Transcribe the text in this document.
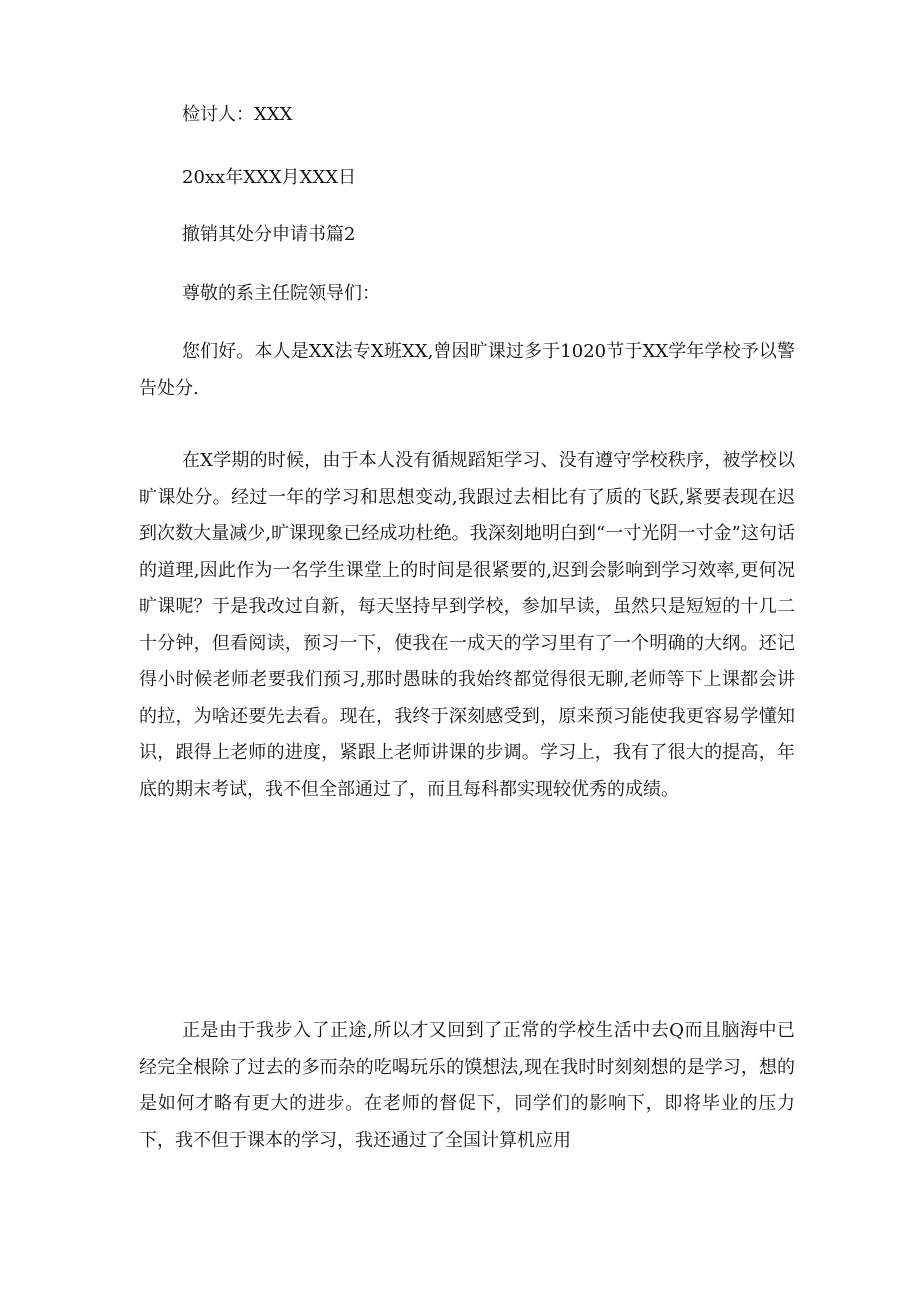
检讨人：XXX
20xx年XXX月XXX日
撤销其处分申请书篇2
尊敬的系主任院领导们：

您们好。本人是XX法专X班XX,曾因旷课过多于1020节于XX学年学校予以警告处分.

在X学期的时候，由于本人没有循规蹈矩学习、没有遵守学校秩序，被学校以旷课处分。经过一年的学习和思想变动,我跟过去相比有了质的飞跃,紧要表现在迟到次数大量减少,旷课现象已经成功杜绝。我深刻地明白到“一寸光阴一寸金”这句话的道理,因此作为一名学生课堂上的时间是很紧要的,迟到会影响到学习效率,更何况旷课呢？于是我改过自新，每天坚持早到学校，参加早读，虽然只是短短的十几二十分钟，但看阅读，预习一下，使我在一成天的学习里有了一个明确的大纲。还记得小时候老师老要我们预习,那时愚昧的我始终都觉得很无聊,老师等下上课都会讲的拉，为啥还要先去看。现在，我终于深刻感受到，原来预习能使我更容易学懂知识，跟得上老师的进度，紧跟上老师讲课的步调。学习上，我有了很大的提高，年底的期末考试，我不但全部通过了，而且每科都实现较优秀的成绩。

正是由于我步入了正途,所以才又回到了正常的学校生活中去Q而且脑海中已经完全根除了过去的多而杂的吃喝玩乐的馍想法,现在我时时刻刻想的是学习，想的是如何才略有更大的进步。在老师的督促下，同学们的影响下，即将毕业的压力下，我不但于课本的学习，我还通过了全国计算机应用
